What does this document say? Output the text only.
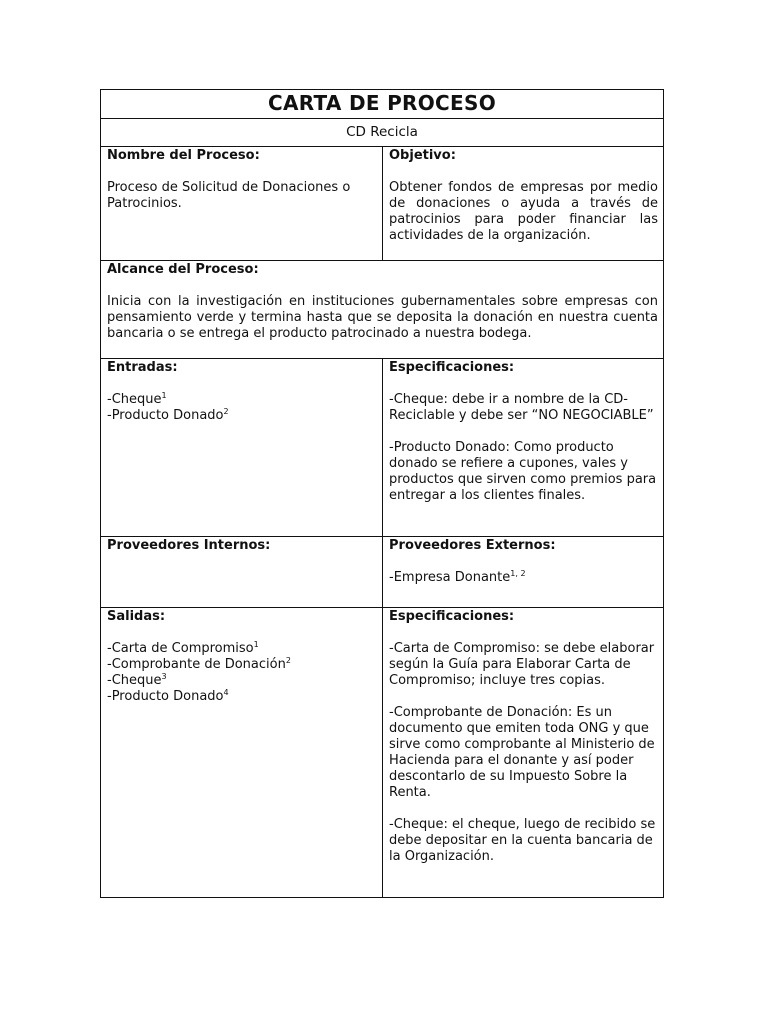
CARTA DE PROCESO
CD Recicla

Nombre del Proceso:

Proceso de Solicitud de Donaciones o Patrocinios.

Objetivo:

Obtener fondos de empresas por medio de donaciones o ayuda a través de patrocinios para poder financiar las actividades de la organización.

Alcance del Proceso:

Inicia con la investigación en instituciones gubernamentales sobre empresas con pensamiento verde y termina hasta que se deposita la donación en nuestra cuenta bancaria o se entrega el producto patrocinado a nuestra bodega.

Entradas:

-Cheque$^1$
-Producto Donado$^2$

Especificaciones:

-Cheque: debe ir a nombre de la CD-Reciclable y debe ser “NO NEGOCIABLE”

-Producto Donado: Como producto donado se refiere a cupones, vales y productos que sirven como premios para entregar a los clientes finales.

Proveedores Internos:	Proveedores Externos:

-Empresa Donante$^{1, 2}$

Salidas:

-Carta de Compromiso$^1$
-Comprobante de Donación$^2$
-Cheque$^3$
-Producto Donado$^4$

Especificaciones:

-Carta de Compromiso: se debe elaborar según la Guía para Elaborar Carta de Compromiso; incluye tres copias.

-Comprobante de Donación: Es un documento que emiten toda ONG y que sirve como comprobante al Ministerio de Hacienda para el donante y así poder descontarlo de su Impuesto Sobre la Renta.

-Cheque: el cheque, luego de recibido se debe depositar en la cuenta bancaria de la Organización.
